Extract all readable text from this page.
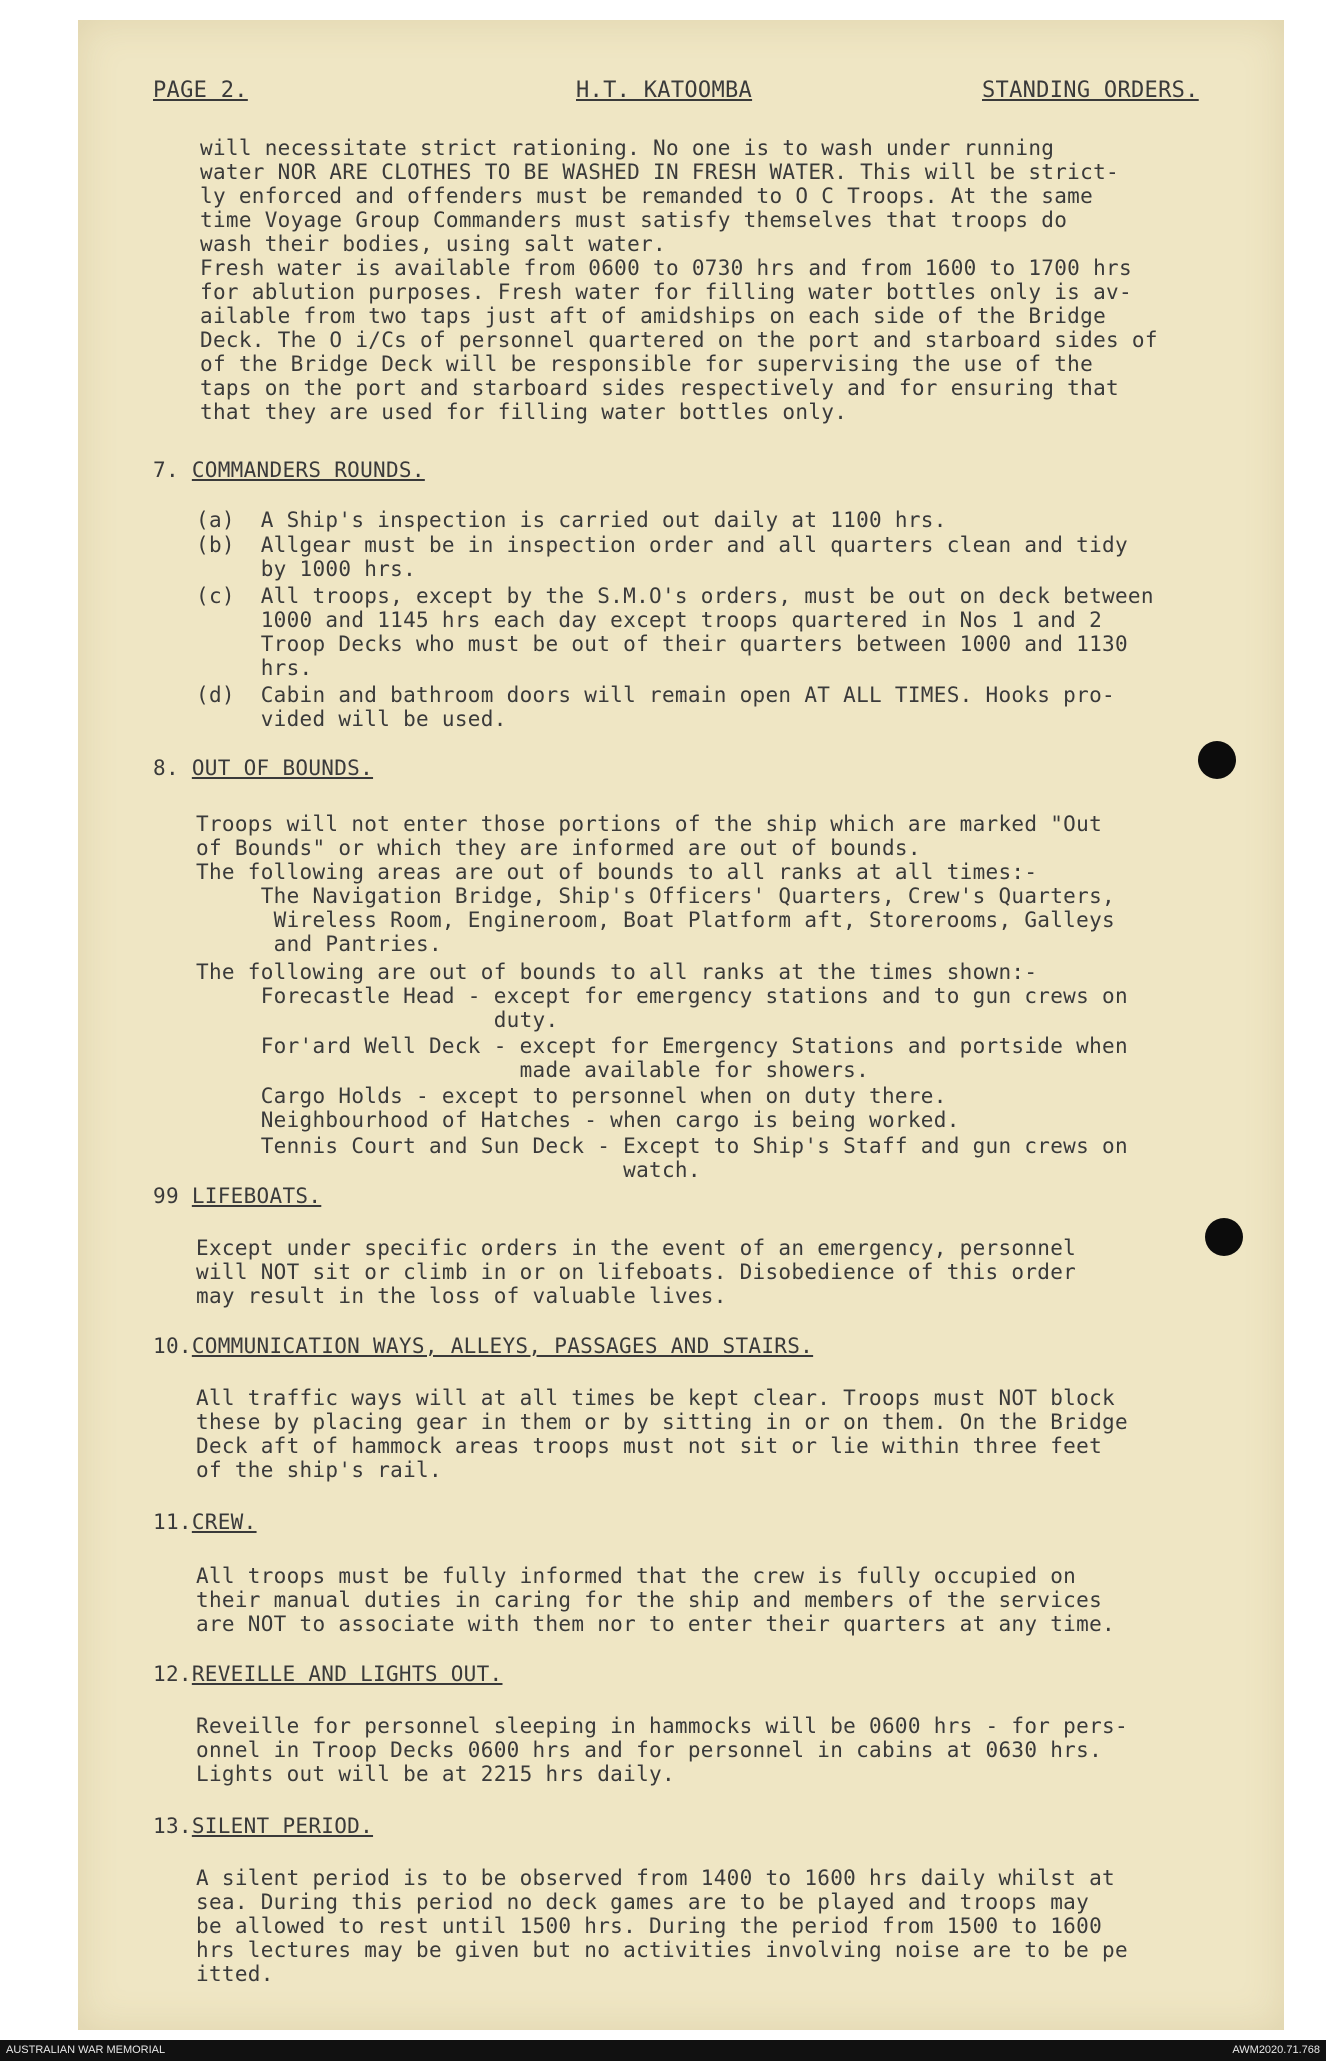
PAGE 2.	H.T. KATOOMBA	STANDING ORDERS.
will necessitate strict rationing. No one is to wash under running
water NOR ARE CLOTHES TO BE WASHED IN FRESH WATER. This will be strict-
ly enforced and offenders must be remanded to O C Troops. At the same
time Voyage Group Commanders must satisfy themselves that troops do
wash their bodies, using salt water.
Fresh water is available from 0600 to 0730 hrs and from 1600 to 1700 hrs
for ablution purposes. Fresh water for filling water bottles only is av-
ailable from two taps just aft of amidships on each side of the Bridge
Deck. The O i/Cs of personnel quartered on the port and starboard sides of
of the Bridge Deck will be responsible for supervising the use of the
taps on the port and starboard sides respectively and for ensuring that
that they are used for filling water bottles only.
7. COMMANDERS ROUNDS.
(a)  A Ship's inspection is carried out daily at 1100 hrs.
(b)  Allgear must be in inspection order and all quarters clean and tidy
by 1000 hrs.
(c)  All troops, except by the S.M.O's orders, must be out on deck between
1000 and 1145 hrs each day except troops quartered in Nos 1 and 2
Troop Decks who must be out of their quarters between 1000 and 1130
hrs.
(d)  Cabin and bathroom doors will remain open AT ALL TIMES. Hooks pro-
vided will be used.
8. OUT OF BOUNDS.
Troops will not enter those portions of the ship which are marked "Out
of Bounds" or which they are informed are out of bounds.
The following areas are out of bounds to all ranks at all times:-
The Navigation Bridge, Ship's Officers' Quarters, Crew's Quarters,
Wireless Room, Engineroom, Boat Platform aft, Storerooms, Galleys
and Pantries.
The following are out of bounds to all ranks at the times shown:-
Forecastle Head - except for emergency stations and to gun crews on
duty.
For'ard Well Deck - except for Emergency Stations and portside when
made available for showers.
Cargo Holds - except to personnel when on duty there.
Neighbourhood of Hatches - when cargo is being worked.
Tennis Court and Sun Deck - Except to Ship's Staff and gun crews on
watch.
99 LIFEBOATS.
Except under specific orders in the event of an emergency, personnel
will NOT sit or climb in or on lifeboats. Disobedience of this order
may result in the loss of valuable lives.
10.COMMUNICATION WAYS, ALLEYS, PASSAGES AND STAIRS.
All traffic ways will at all times be kept clear. Troops must NOT block
these by placing gear in them or by sitting in or on them. On the Bridge
Deck aft of hammock areas troops must not sit or lie within three feet
of the ship's rail.
11.CREW.
All troops must be fully informed that the crew is fully occupied on
their manual duties in caring for the ship and members of the services
are NOT to associate with them nor to enter their quarters at any time.
12.REVEILLE AND LIGHTS OUT.
Reveille for personnel sleeping in hammocks will be 0600 hrs - for pers-
onnel in Troop Decks 0600 hrs and for personnel in cabins at 0630 hrs.
Lights out will be at 2215 hrs daily.
13.SILENT PERIOD.
A silent period is to be observed from 1400 to 1600 hrs daily whilst at
sea. During this period no deck games are to be played and troops may
be allowed to rest until 1500 hrs. During the period from 1500 to 1600
hrs lectures may be given but no activities involving noise are to be pe
itted.
AUSTRALIAN WAR MEMORIAL	AWM2020.71.768
